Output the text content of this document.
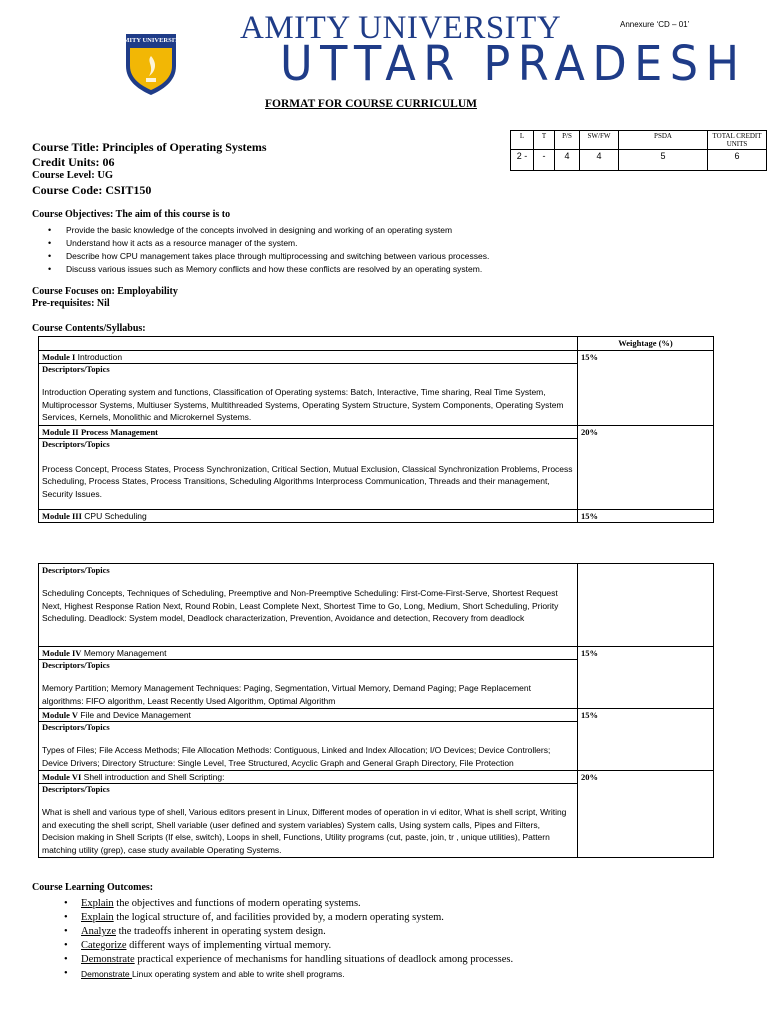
AMITY UNIVERSITY AMITY UNIVERSITY
UTTAR PRADESH
Annexure ‘CD – 01’
FORMAT FOR COURSE CURRICULUM
L	T	P/S	SW/FW	PSDA	TOTAL CREDIT UNITS
2 -	-	4	4	5	6
Course Title: Principles of Operating Systems
Credit Units: 06
Course Level: UG
Course Code: CSIT150
Course Objectives: The aim of this course is to
• Provide the basic knowledge of the concepts involved in designing and working of an operating system
• Understand how it acts as a resource manager of the system.
• Describe how CPU management takes place through multiprocessing and switching between various processes.
• Discuss various issues such as Memory conflicts and how these conflicts are resolved by an operating system.
Course Focuses on: Employability
Pre-requisites: Nil
Course Contents/Syllabus:
	Weightage (%)

Module I Introduction
Descriptors/Topics
Introduction Operating system and functions, Classification of Operating systems: Batch, Interactive, Time sharing, Real Time System, Multiprocessor Systems, Multiuser Systems, Multithreaded Systems, Operating System Structure, System Components, Operating System Services, Kernels, Monolithic and Microkernel Systems.	15%

Module II Process Management
Descriptors/Topics
Process Concept, Process States, Process Synchronization, Critical Section, Mutual Exclusion, Classical Synchronization Problems, Process Scheduling, Process States, Process Transitions, Scheduling Algorithms Interprocess Communication, Threads and their management, Security Issues.	20%

Module III CPU Scheduling	15%
Descriptors/Topics
Scheduling Concepts, Techniques of Scheduling, Preemptive and Non-Preemptive Scheduling: First-Come-First-Serve, Shortest Request Next, Highest Response Ration Next, Round Robin, Least Complete Next, Shortest Time to Go, Long, Medium, Short Scheduling, Priority Scheduling. Deadlock: System model, Deadlock characterization, Prevention, Avoidance and detection, Recovery from deadlock	

Module IV Memory Management
Descriptors/Topics
Memory Partition; Memory Management Techniques: Paging, Segmentation, Virtual Memory, Demand Paging; Page Replacement algorithms: FIFO algorithm, Least Recently Used Algorithm, Optimal Algorithm	15%

Module V File and Device Management
Descriptors/Topics
Types of Files; File Access Methods; File Allocation Methods: Contiguous, Linked and Index Allocation; I/O Devices; Device Controllers; Device Drivers; Directory Structure: Single Level, Tree Structured, Acyclic Graph and General Graph Directory, File Protection	15%

Module VI Shell introduction and Shell Scripting:
Descriptors/Topics
What is shell and various type of shell, Various editors present in Linux, Different modes of operation in vi editor, What is shell script, Writing and executing the shell script, Shell variable (user defined and system variables) System calls, Using system calls, Pipes and Filters, Decision making in Shell Scripts (If else, switch), Loops in shell, Functions, Utility programs (cut, paste, join, tr , unique utilities), Pattern matching utility (grep), case study available Operating Systems.	20%
Course Learning Outcomes:
• Explain the objectives and functions of modern operating systems.
• Explain the logical structure of, and facilities provided by, a modern operating system.
• Analyze the tradeoffs inherent in operating system design.
• Categorize different ways of implementing virtual memory.
• Demonstrate practical experience of mechanisms for handling situations of deadlock among processes.
• Demonstrate Linux operating system and able to write shell programs.
